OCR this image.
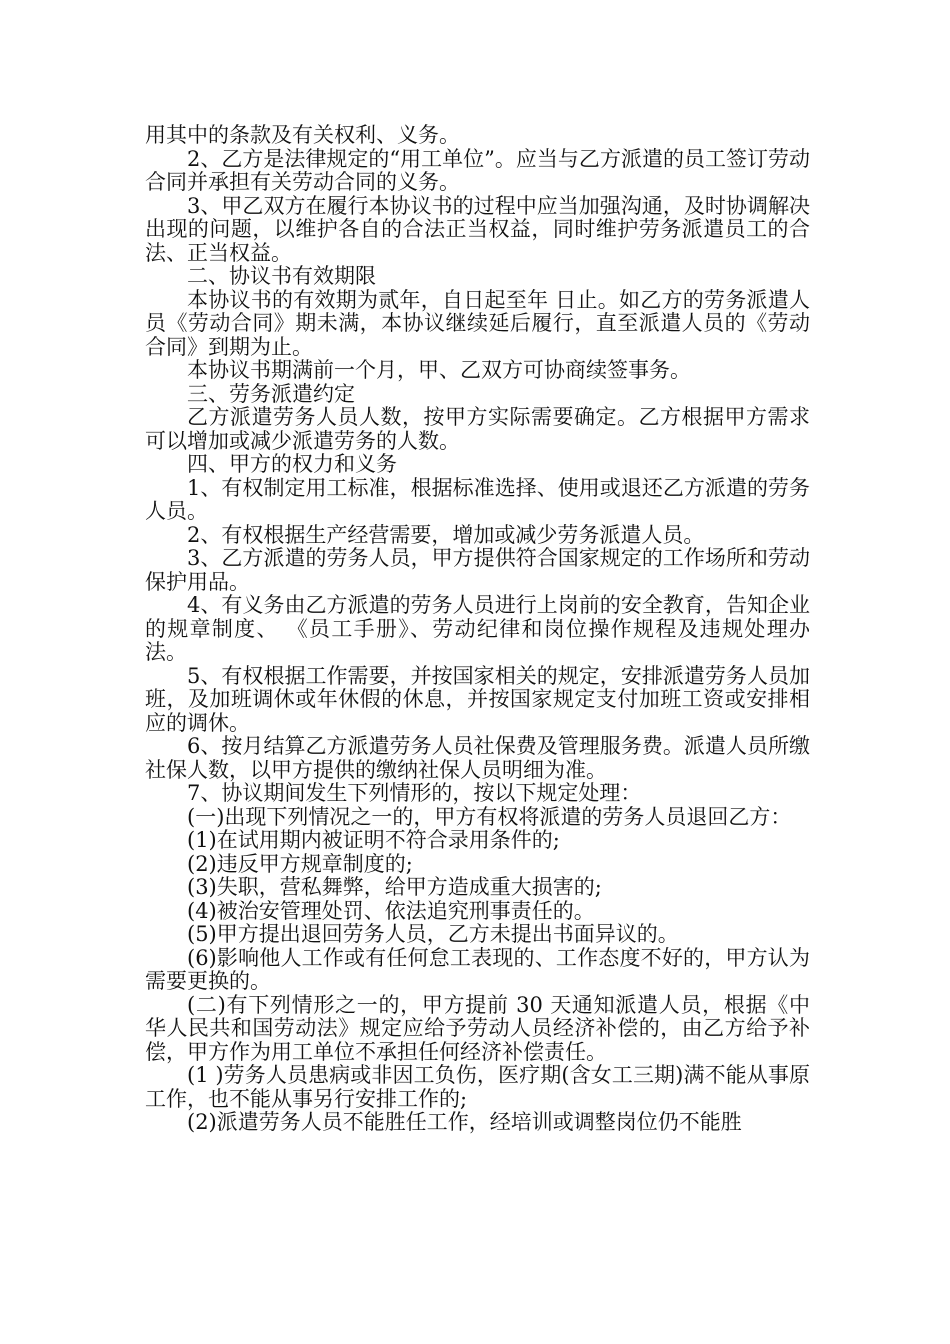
用其中的条款及有关权利、义务。

2、乙方是法律规定的“用工单位”。应当与乙方派遣的员工签订劳动合同并承担有关劳动合同的义务。

3、甲乙双方在履行本协议书的过程中应当加强沟通，及时协调解决出现的问题，以维护各自的合法正当权益，同时维护劳务派遣员工的合法、正当权益。

二、协议书有效期限

本协议书的有效期为贰年，自日起至年 日止。如乙方的劳务派遣人员《劳动合同》期未满，本协议继续延后履行，直至派遣人员的《劳动合同》到期为止。

本协议书期满前一个月，甲、乙双方可协商续签事务。

三、劳务派遣约定

乙方派遣劳务人员人数，按甲方实际需要确定。乙方根据甲方需求可以增加或减少派遣劳务的人数。

四、甲方的权力和义务

1、有权制定用工标准，根据标准选择、使用或退还乙方派遣的劳务人员。

2、有权根据生产经营需要，增加或减少劳务派遣人员。

3、乙方派遣的劳务人员，甲方提供符合国家规定的工作场所和劳动保护用品。

4、有义务由乙方派遣的劳务人员进行上岗前的安全教育，告知企业的规章制度、 《员工手册》、劳动纪律和岗位操作规程及违规处理办法。

5、有权根据工作需要，并按国家相关的规定，安排派遣劳务人员加班，及加班调休或年休假的休息，并按国家规定支付加班工资或安排相应的调休。

6、按月结算乙方派遣劳务人员社保费及管理服务费。派遣人员所缴社保人数，以甲方提供的缴纳社保人员明细为准。

7、协议期间发生下列情形的，按以下规定处理：

(一)出现下列情况之一的，甲方有权将派遣的劳务人员退回乙方：

(1)在试用期内被证明不符合录用条件的;

(2)违反甲方规章制度的;

(3)失职，营私舞弊，给甲方造成重大损害的;

(4)被治安管理处罚、依法追究刑事责任的。

(5)甲方提出退回劳务人员，乙方未提出书面异议的。

(6)影响他人工作或有任何怠工表现的、工作态度不好的，甲方认为需要更换的。

(二)有下列情形之一的，甲方提前 30 天通知派遣人员，根据《中华人民共和国劳动法》规定应给予劳动人员经济补偿的，由乙方给予补偿，甲方作为用工单位不承担任何经济补偿责任。

(1 )劳务人员患病或非因工负伤，医疗期(含女工三期)满不能从事原工作，也不能从事另行安排工作的;

(2)派遣劳务人员不能胜任工作，经培训或调整岗位仍不能胜
